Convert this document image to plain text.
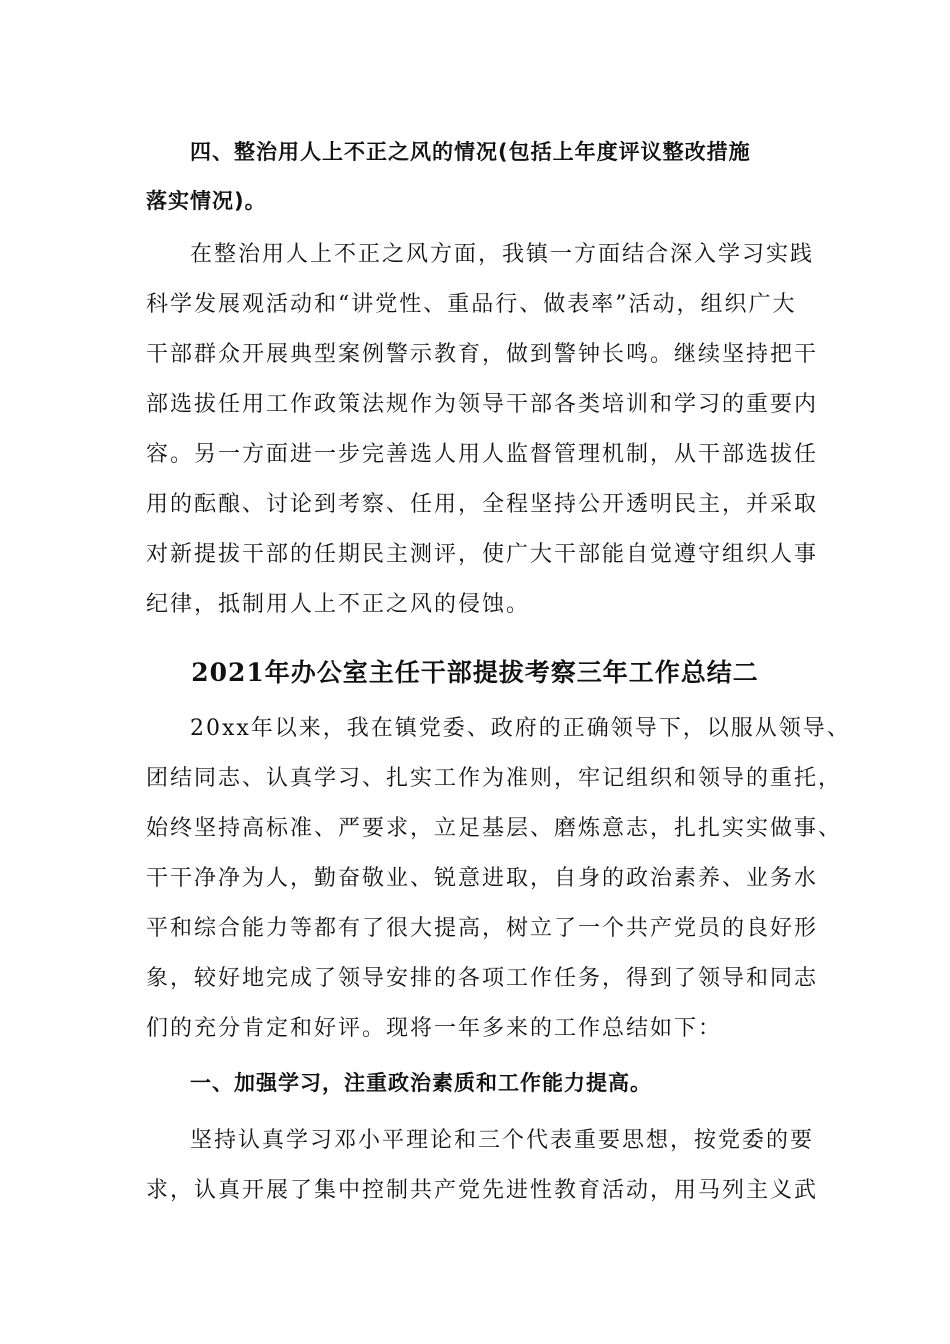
四、整治用人上不正之风的情况(包括上年度评议整改措施

落实情况)。

在整治用人上不正之风方面，我镇一方面结合深入学习实践

科学发展观活动和“讲党性、重品行、做表率”活动，组织广大

干部群众开展典型案例警示教育，做到警钟长鸣。继续坚持把干

部选拔任用工作政策法规作为领导干部各类培训和学习的重要内

容。另一方面进一步完善选人用人监督管理机制，从干部选拔任

用的酝酿、讨论到考察、任用，全程坚持公开透明民主，并采取

对新提拔干部的任期民主测评，使广大干部能自觉遵守组织人事

纪律，抵制用人上不正之风的侵蚀。

2021年办公室主任干部提拔考察三年工作总结二

20xx年以来，我在镇党委、政府的正确领导下，以服从领导、

团结同志、认真学习、扎实工作为准则，牢记组织和领导的重托，

始终坚持高标准、严要求，立足基层、磨炼意志，扎扎实实做事、

干干净净为人，勤奋敬业、锐意进取，自身的政治素养、业务水

平和综合能力等都有了很大提高，树立了一个共产党员的良好形

象，较好地完成了领导安排的各项工作任务，得到了领导和同志

们的充分肯定和好评。现将一年多来的工作总结如下：

一、加强学习，注重政治素质和工作能力提高。

坚持认真学习邓小平理论和三个代表重要思想，按党委的要

求，认真开展了集中控制共产党先进性教育活动，用马列主义武
